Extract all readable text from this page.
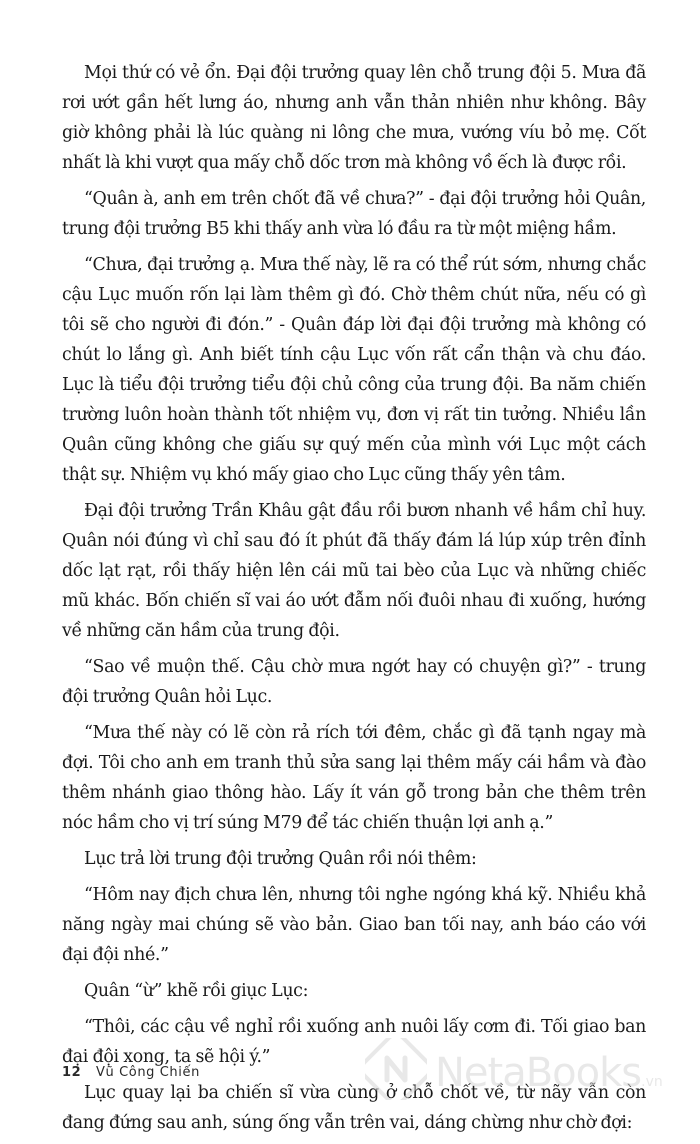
Mọi thứ có vẻ ổn. Đại đội trưởng quay lên chỗ trung đội 5. Mưa đã rơi ướt gần hết lưng áo, nhưng anh vẫn thản nhiên như không. Bây giờ không phải là lúc quàng ni lông che mưa, vướng víu bỏ mẹ. Cốt nhất là khi vượt qua mấy chỗ dốc trơn mà không vồ ếch là được rồi.

“Quân à, anh em trên chốt đã về chưa?” - đại đội trưởng hỏi Quân, trung đội trưởng B5 khi thấy anh vừa ló đầu ra từ một miệng hầm.

“Chưa, đại trưởng ạ. Mưa thế này, lẽ ra có thể rút sớm, nhưng chắc cậu Lục muốn rốn lại làm thêm gì đó. Chờ thêm chút nữa, nếu có gì tôi sẽ cho người đi đón.” - Quân đáp lời đại đội trưởng mà không có chút lo lắng gì. Anh biết tính cậu Lục vốn rất cẩn thận và chu đáo. Lục là tiểu đội trưởng tiểu đội chủ công của trung đội. Ba năm chiến trường luôn hoàn thành tốt nhiệm vụ, đơn vị rất tin tưởng. Nhiều lần Quân cũng không che giấu sự quý mến của mình với Lục một cách thật sự. Nhiệm vụ khó mấy giao cho Lục cũng thấy yên tâm.

Đại đội trưởng Trần Khâu gật đầu rồi bươn nhanh về hầm chỉ huy. Quân nói đúng vì chỉ sau đó ít phút đã thấy đám lá lúp xúp trên đỉnh dốc lạt rạt, rồi thấy hiện lên cái mũ tai bèo của Lục và những chiếc mũ khác. Bốn chiến sĩ vai áo ướt đẫm nối đuôi nhau đi xuống, hướng về những căn hầm của trung đội.

“Sao về muộn thế. Cậu chờ mưa ngớt hay có chuyện gì?” - trung đội trưởng Quân hỏi Lục.

“Mưa thế này có lẽ còn rả rích tới đêm, chắc gì đã tạnh ngay mà đợi. Tôi cho anh em tranh thủ sửa sang lại thêm mấy cái hầm và đào thêm nhánh giao thông hào. Lấy ít ván gỗ trong bản che thêm trên nóc hầm cho vị trí súng M79 để tác chiến thuận lợi anh ạ.”

Lục trả lời trung đội trưởng Quân rồi nói thêm:

“Hôm nay địch chưa lên, nhưng tôi nghe ngóng khá kỹ. Nhiều khả năng ngày mai chúng sẽ vào bản. Giao ban tối nay, anh báo cáo với đại đội nhé.”

Quân “ừ” khẽ rồi giục Lục:

“Thôi, các cậu về nghỉ rồi xuống anh nuôi lấy cơm đi. Tối giao ban đại đội xong, ta sẽ hội ý.”

Lục quay lại ba chiến sĩ vừa cùng ở chỗ chốt về, từ nãy vẫn còn đang đứng sau anh, súng ống vẫn trên vai, dáng chừng như chờ đợi:

12 Vũ Công Chiến	NetaBooks.vn
